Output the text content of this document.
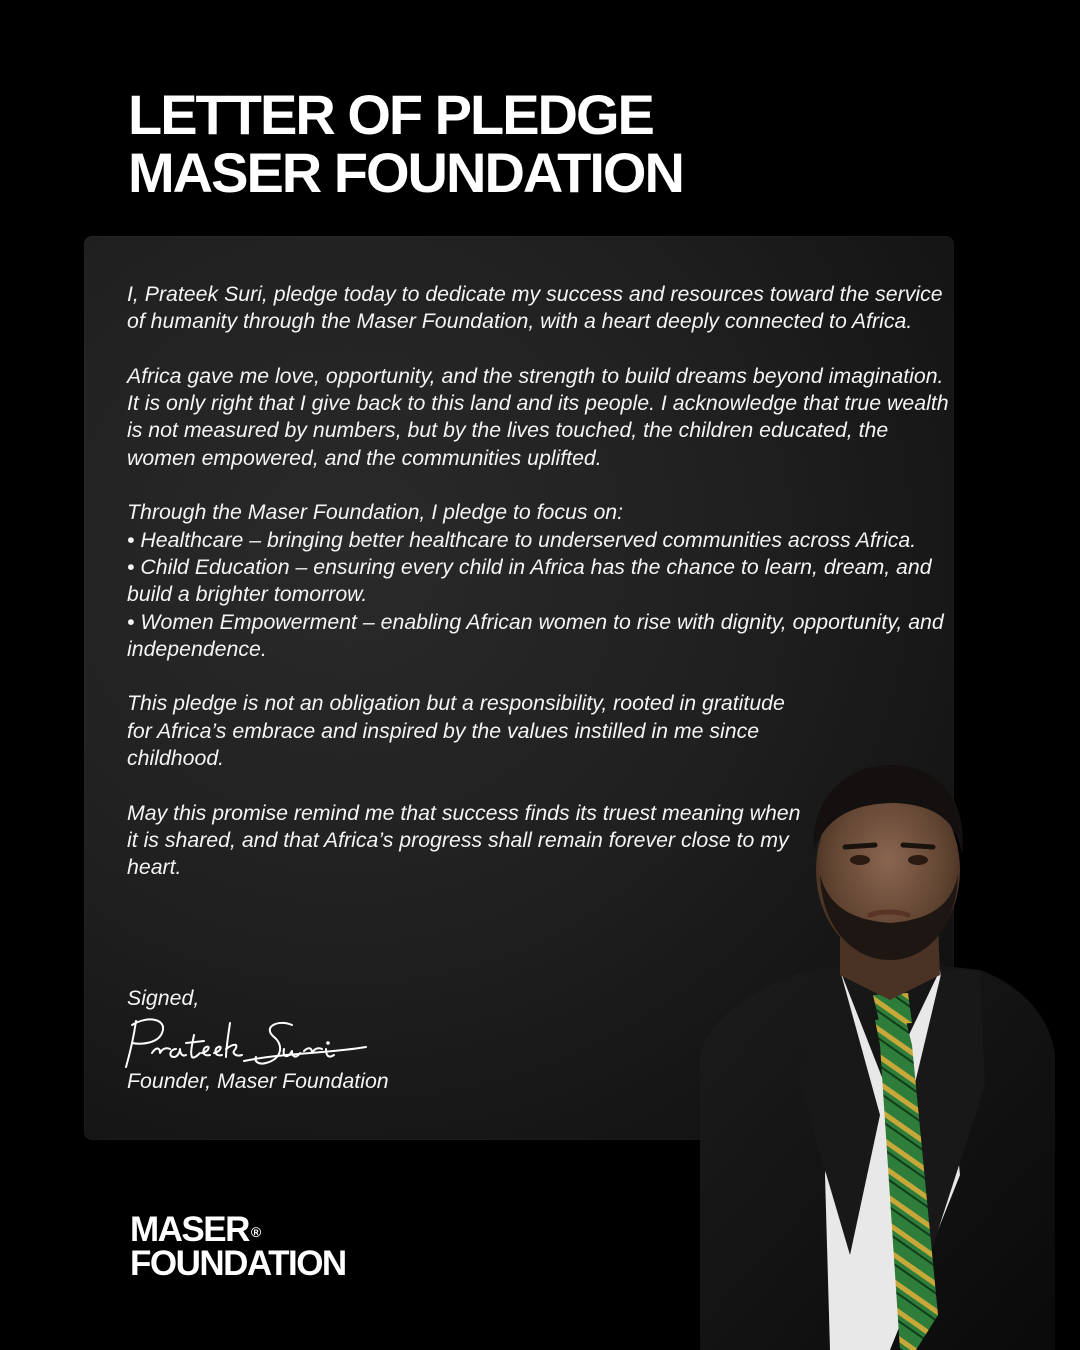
LETTER OF PLEDGE
MASER FOUNDATION

I, Prateek Suri, pledge today to dedicate my success and resources toward the service of humanity through the Maser Foundation, with a heart deeply connected to Africa.

Africa gave me love, opportunity, and the strength to build dreams beyond imagination. It is only right that I give back to this land and its people. I acknowledge that true wealth is not measured by numbers, but by the lives touched, the children educated, the women empowered, and the communities uplifted.

Through the Maser Foundation, I pledge to focus on:
• Healthcare – bringing better healthcare to underserved communities across Africa.
• Child Education – ensuring every child in Africa has the chance to learn, dream, and build a brighter tomorrow.
• Women Empowerment – enabling African women to rise with dignity, opportunity, and independence.

This pledge is not an obligation but a responsibility, rooted in gratitude for Africa’s embrace and inspired by the values instilled in me since childhood.

May this promise remind me that success finds its truest meaning when it is shared, and that Africa’s progress shall remain forever close to my heart.

Signed,
Founder, Maser Foundation
MASER ®
FOUNDATION
